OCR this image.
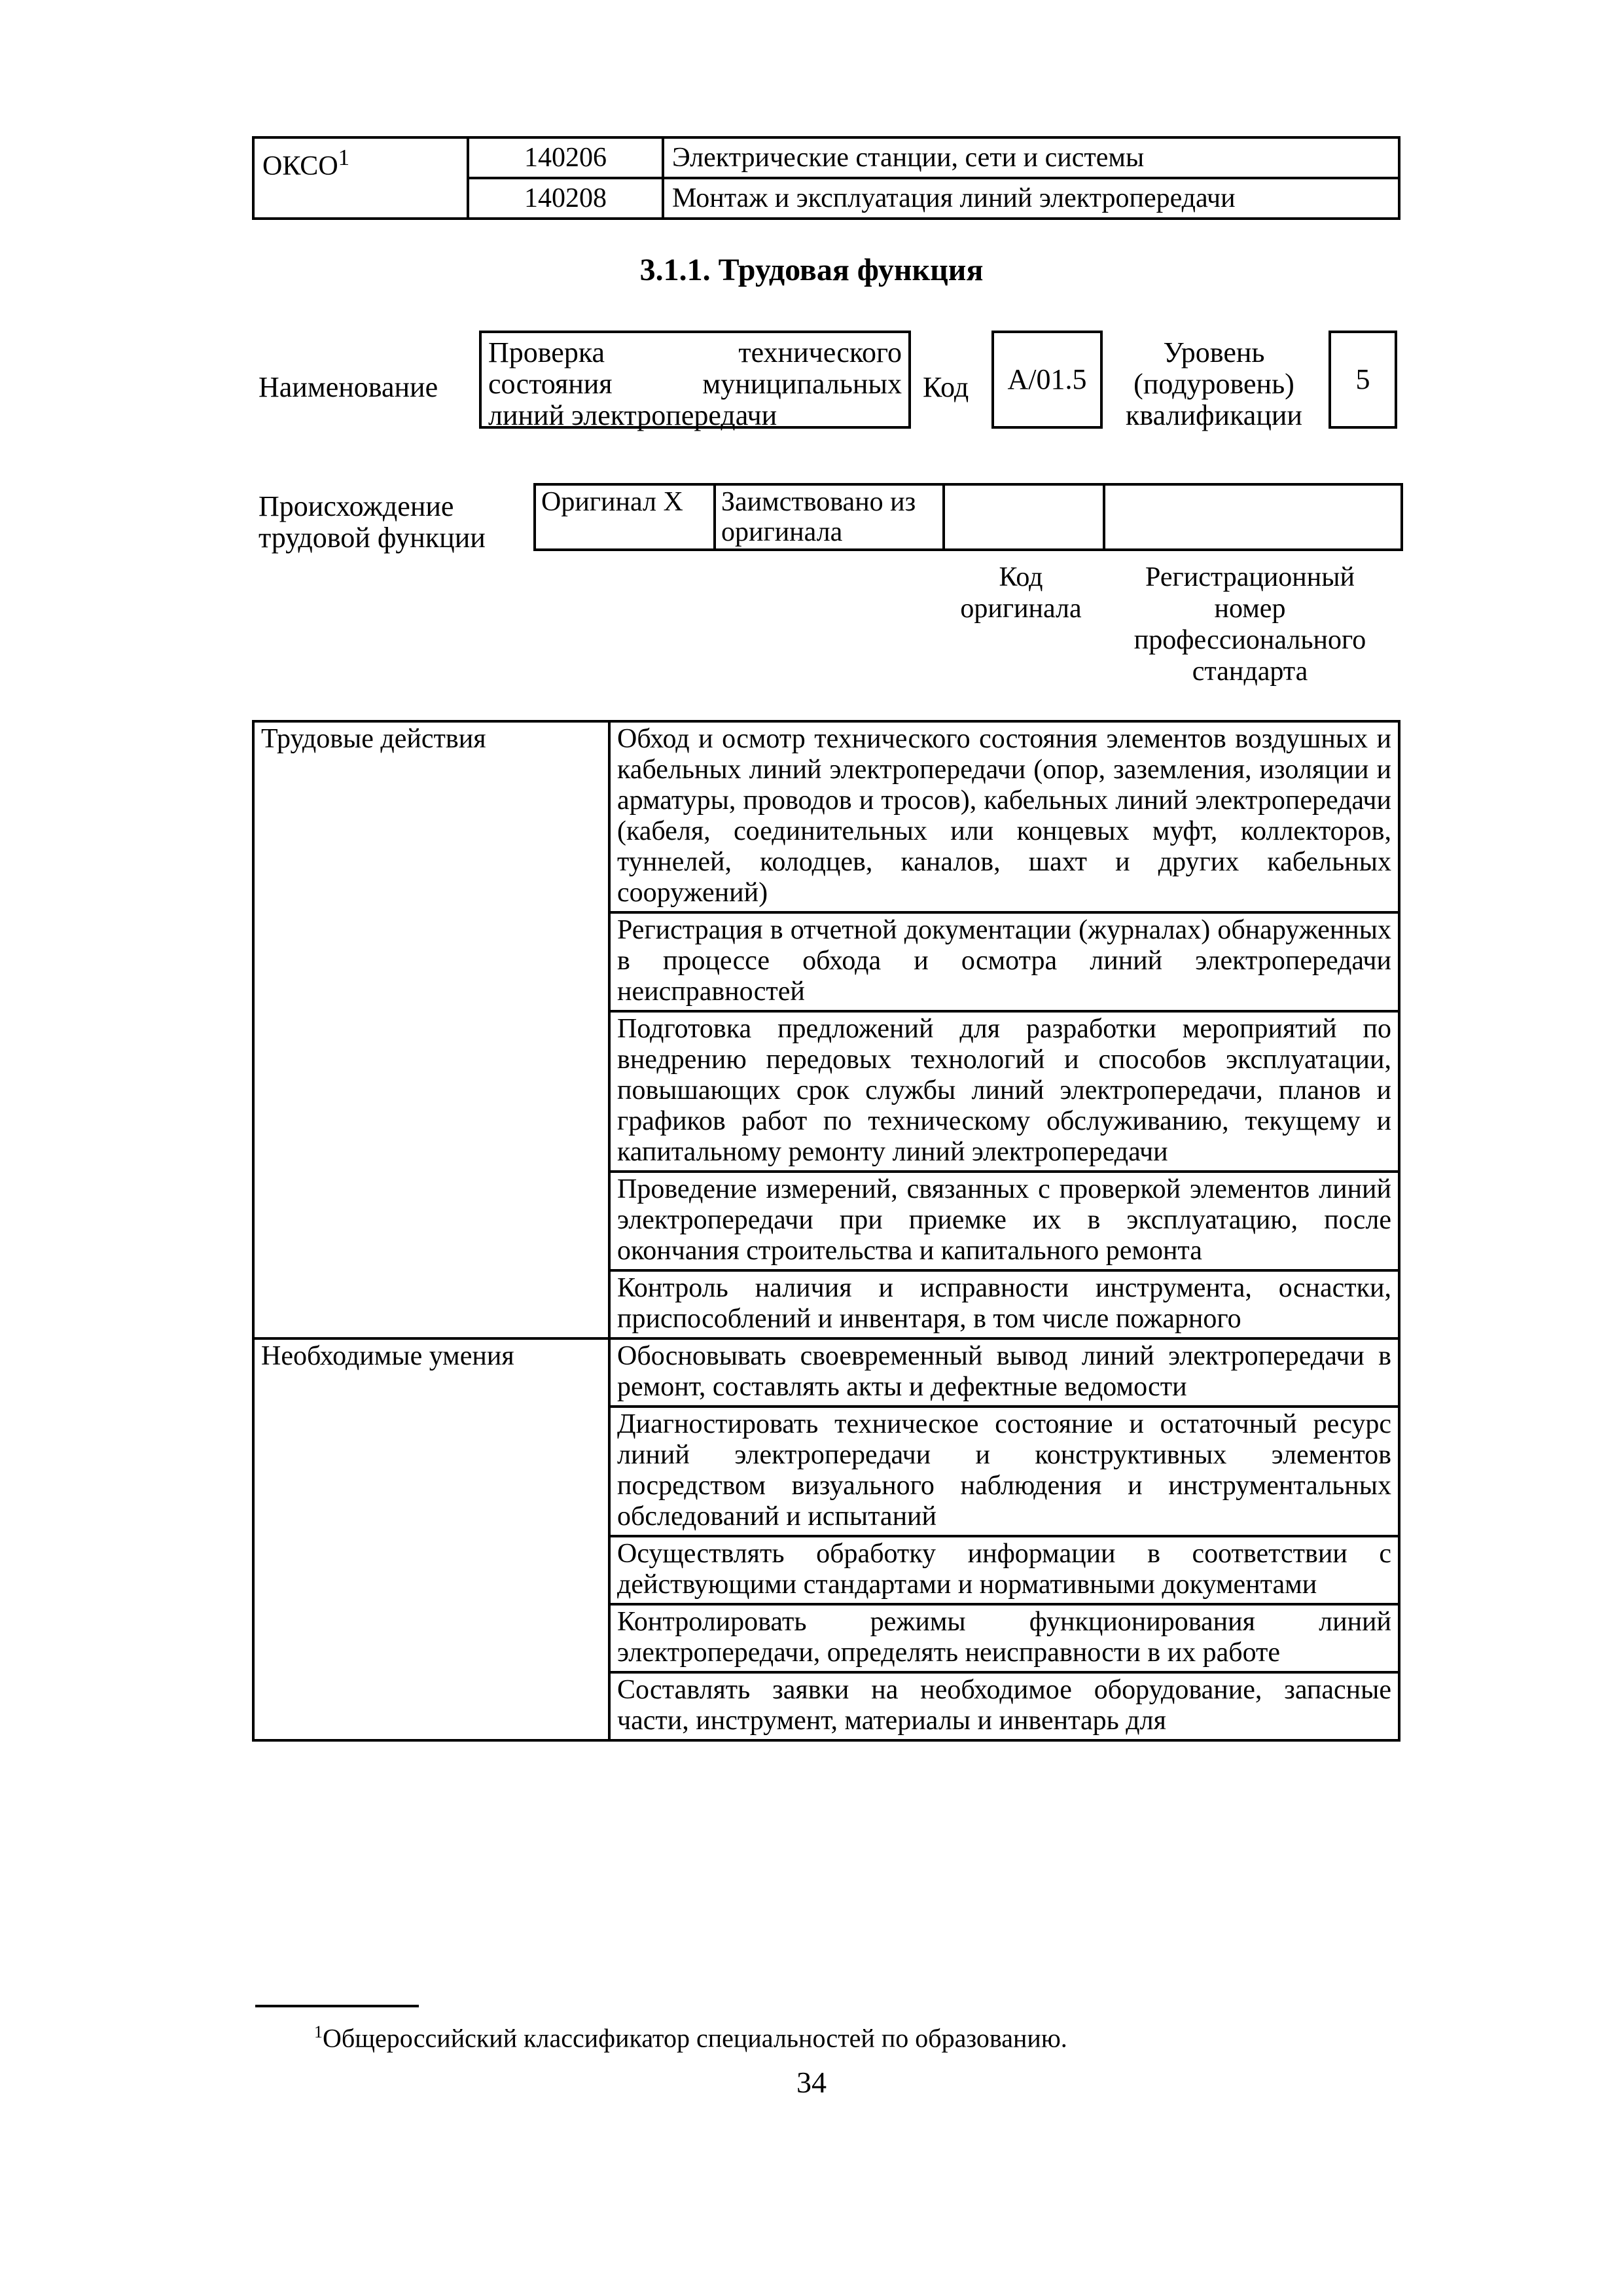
ОКСО$^1$	140206	Электрические станции, сети и системы
	140208	Монтаж и эксплуатация линий электропередачи
3.1.1. Трудовая функция
Наименование
Проверка технического состояния муниципальных линий электропередачи
Код	A/01.5
Уровень (подуровень) квалификации
5
Происхождение трудовой функции
Оригинал X	Заимствовано из оригинала		
Код оригинала
Регистрационный номер профессионального стандарта
Трудовые действия	Обход и осмотр технического состояния элементов воздушных и кабельных линий электропередачи (опор, заземления, изоляции и арматуры, проводов и тросов), кабельных линий электропередачи (кабеля, соединительных или концевых муфт, коллекторов, туннелей, колодцев, каналов, шахт и других кабельных сооружений)
	Регистрация в отчетной документации (журналах) обнаруженных в процессе обхода и осмотра линий электропередачи неисправностей
	Подготовка предложений для разработки мероприятий по внедрению передовых технологий и способов эксплуатации, повышающих срок службы линий электропередачи, планов и графиков работ по техническому обслуживанию, текущему и капитальному ремонту линий электропередачи
	Проведение измерений, связанных с проверкой элементов линий электропередачи при приемке их в эксплуатацию, после окончания строительства и капитального ремонта
	Контроль наличия и исправности инструмента, оснастки, приспособлений и инвентаря, в том числе пожарного
Необходимые умения	Обосновывать своевременный вывод линий электропередачи в ремонт, составлять акты и дефектные ведомости
	Диагностировать техническое состояние и остаточный ресурс линий электропередачи и конструктивных элементов посредством визуального наблюдения и инструментальных обследований и испытаний
	Осуществлять обработку информации в соответствии с действующими стандартами и нормативными документами
	Контролировать режимы функционирования линий электропередачи, определять неисправности в их работе
	Составлять заявки на необходимое оборудование, запасные части, инструмент, материалы и инвентарь для
$^1$Общероссийский классификатор специальностей по образованию.
34
